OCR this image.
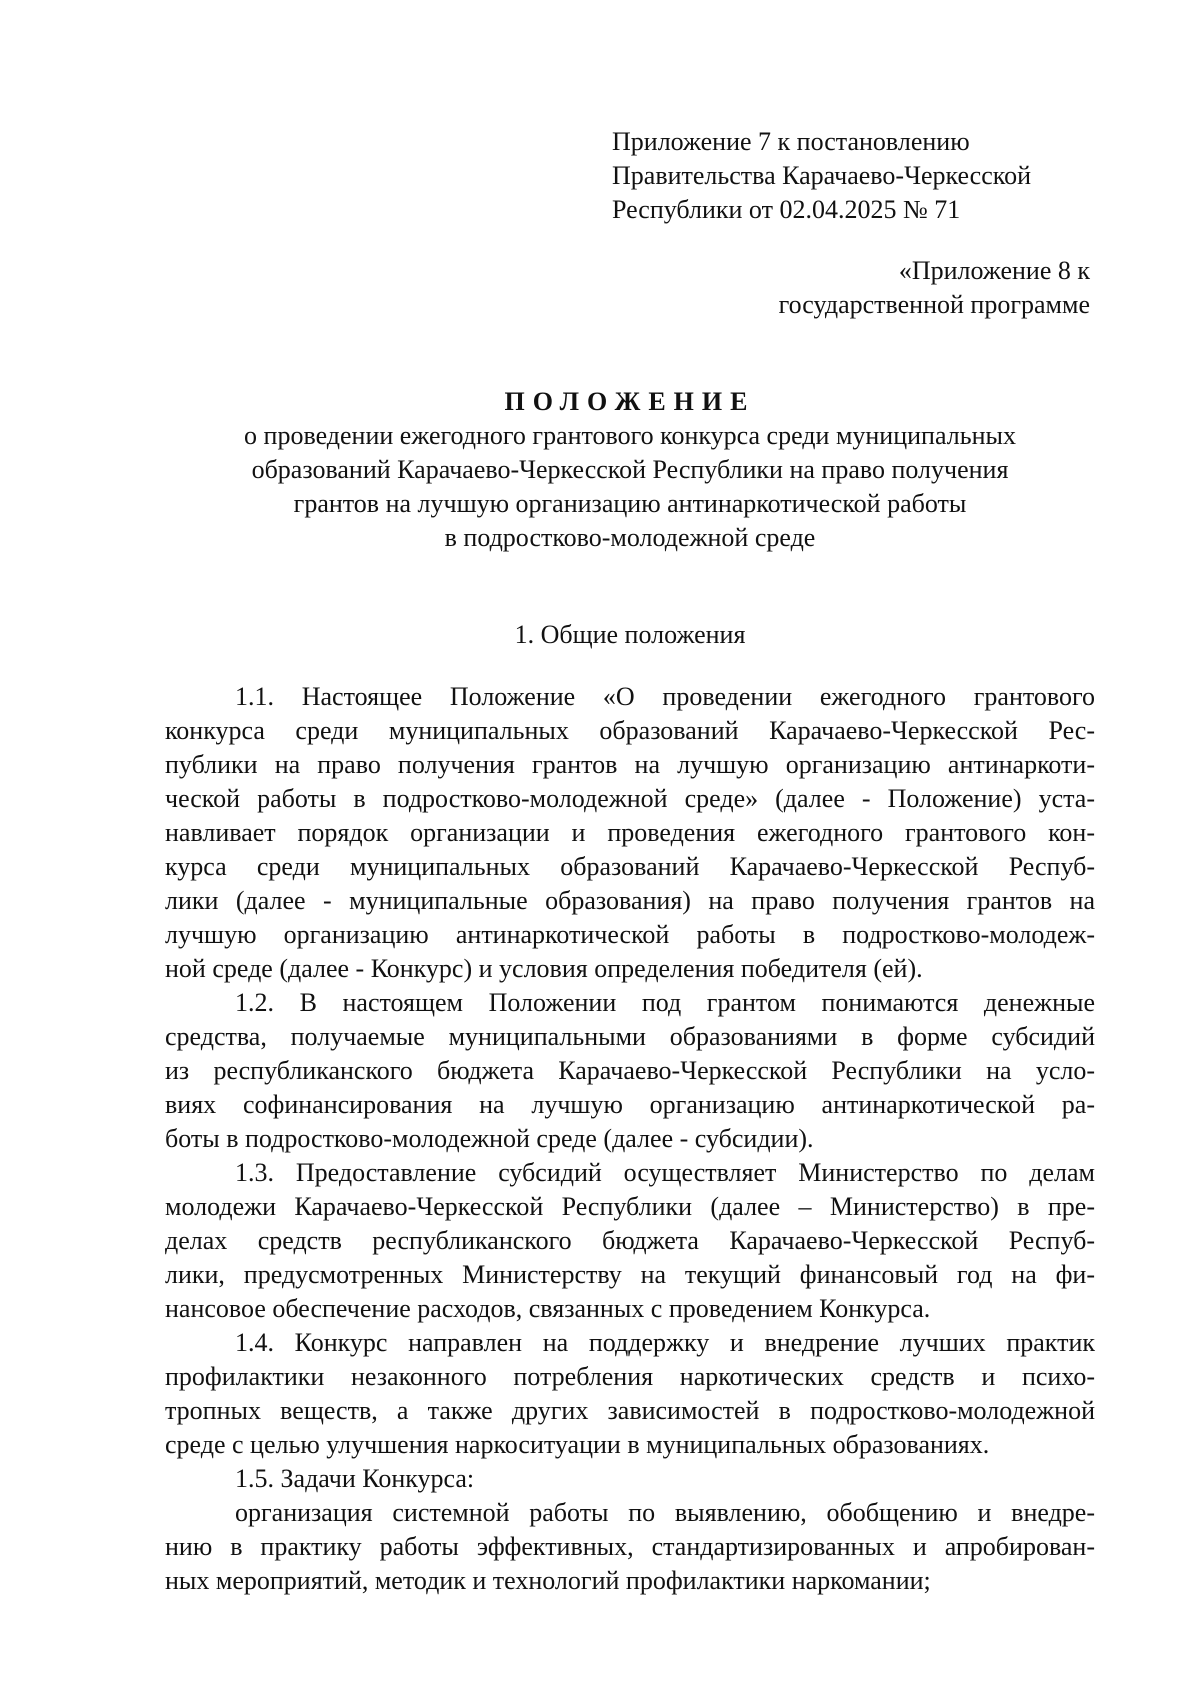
Приложение 7 к постановлению
Правительства Карачаево-Черкесской
Республики от 02.04.2025 № 71
«Приложение 8 к
государственной программе
ПОЛОЖЕНИЕ
о проведении ежегодного грантового конкурса среди муниципальных
образований Карачаево-Черкесской Республики на право получения
грантов на лучшую организацию антинаркотической работы
в подростково-молодежной среде
1. Общие положения
1.1. Настоящее Положение «О проведении ежегодного грантового
конкурса среди муниципальных образований Карачаево-Черкесской Рес-
публики на право получения грантов на лучшую организацию антинаркоти-
ческой работы в подростково-молодежной среде» (далее - Положение) уста-
навливает порядок организации и проведения ежегодного грантового кон-
курса среди муниципальных образований Карачаево-Черкесской Респуб-
лики (далее - муниципальные образования) на право получения грантов на
лучшую организацию антинаркотической работы в подростково-молодеж-
ной среде (далее - Конкурс) и условия определения победителя (ей).
1.2. В настоящем Положении под грантом понимаются денежные
средства, получаемые муниципальными образованиями в форме субсидий
из республиканского бюджета Карачаево-Черкесской Республики на усло-
виях софинансирования на лучшую организацию антинаркотической ра-
боты в подростково-молодежной среде (далее - субсидии).
1.3. Предоставление субсидий осуществляет Министерство по делам
молодежи Карачаево-Черкесской Республики (далее – Министерство) в пре-
делах средств республиканского бюджета Карачаево-Черкесской Респуб-
лики, предусмотренных Министерству на текущий финансовый год на фи-
нансовое обеспечение расходов, связанных с проведением Конкурса.
1.4. Конкурс направлен на поддержку и внедрение лучших практик
профилактики незаконного потребления наркотических средств и психо-
тропных веществ, а также других зависимостей в подростково-молодежной
среде с целью улучшения наркоситуации в муниципальных образованиях.
1.5. Задачи Конкурса:
организация системной работы по выявлению, обобщению и внедре-
нию в практику работы эффективных, стандартизированных и апробирован-
ных мероприятий, методик и технологий профилактики наркомании;
